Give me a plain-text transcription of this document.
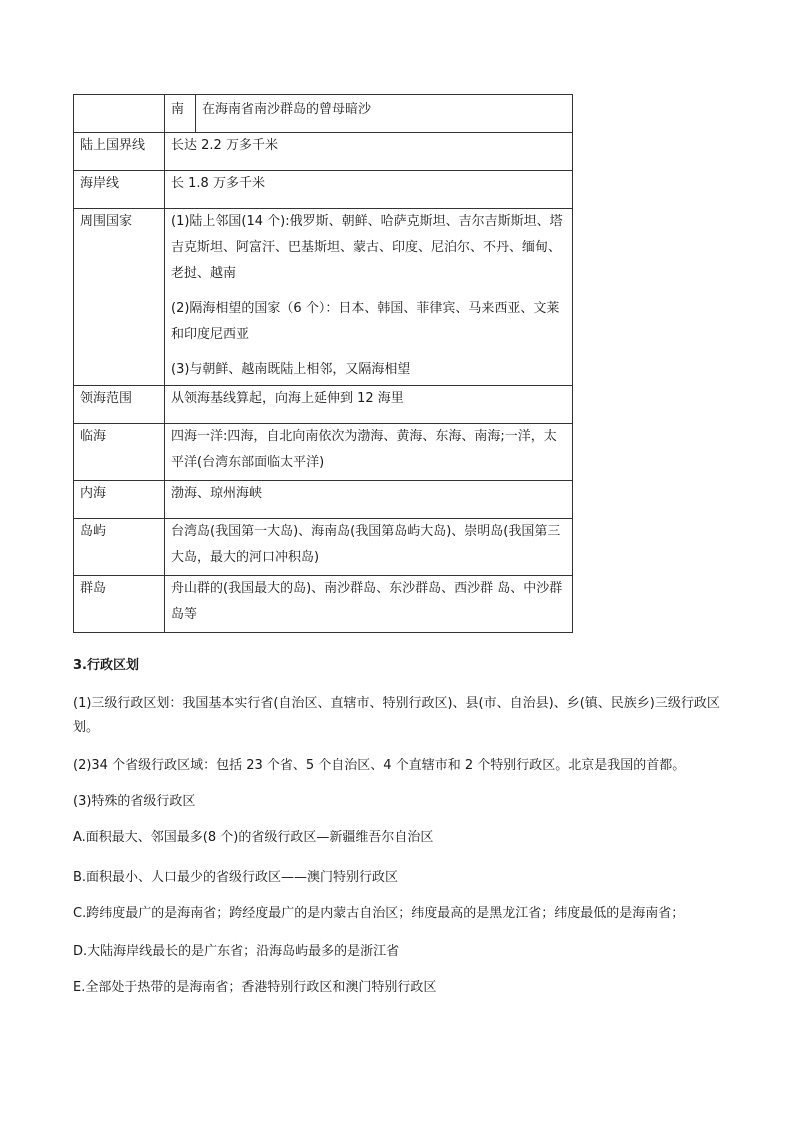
	南 在海南省南沙群岛的曾母暗沙

陆上国界线	长达 2.2 万多千米
海岸线	长 1.8 万多千米
周围国家	(1)陆上邻国(14 个):俄罗斯、朝鲜、哈萨克斯坦、吉尔吉斯斯坦、塔吉克斯坦、阿富汗、巴基斯坦、蒙古、印度、尼泊尔、不丹、缅甸、老挝、越南

(2)隔海相望的国家（6 个）：日本、韩国、菲律宾、马来西亚、文莱和印度尼西亚

(3)与朝鲜、越南既陆上相邻，又隔海相望

领海范围	从领海基线算起，向海上延伸到 12 海里
临海	四海一洋:四海，自北向南依次为渤海、黄海、东海、南海;一洋，太平洋(台湾东部面临太平洋)
内海	渤海、琼州海峡
岛屿	台湾岛(我国第一大岛)、海南岛(我国第岛屿大岛)、崇明岛(我国第三大岛，最大的河口冲积岛)
群岛	舟山群的(我国最大的岛)、南沙群岛、东沙群岛、西沙群 岛、中沙群岛等
3.行政区划

(1)三级行政区划：我国基本实行省(自治区、直辖市、特别行政区)、县(市、自治县)、乡(镇、民族乡)三级行政区划。

(2)34 个省级行政区域：包括 23 个省、5 个自治区、4 个直辖市和 2 个特别行政区。北京是我国的首都。

(3)特殊的省级行政区

A.面积最大、邻国最多(8 个)的省级行政区—新疆维吾尔自治区

B.面积最小、人口最少的省级行政区——澳门特别行政区

C.跨纬度最广的是海南省；跨经度最广的是内蒙古自治区；纬度最高的是黑龙江省；纬度最低的是海南省；

D.大陆海岸线最长的是广东省；沿海岛屿最多的是浙江省

E.全部处于热带的是海南省；香港特别行政区和澳门特别行政区
